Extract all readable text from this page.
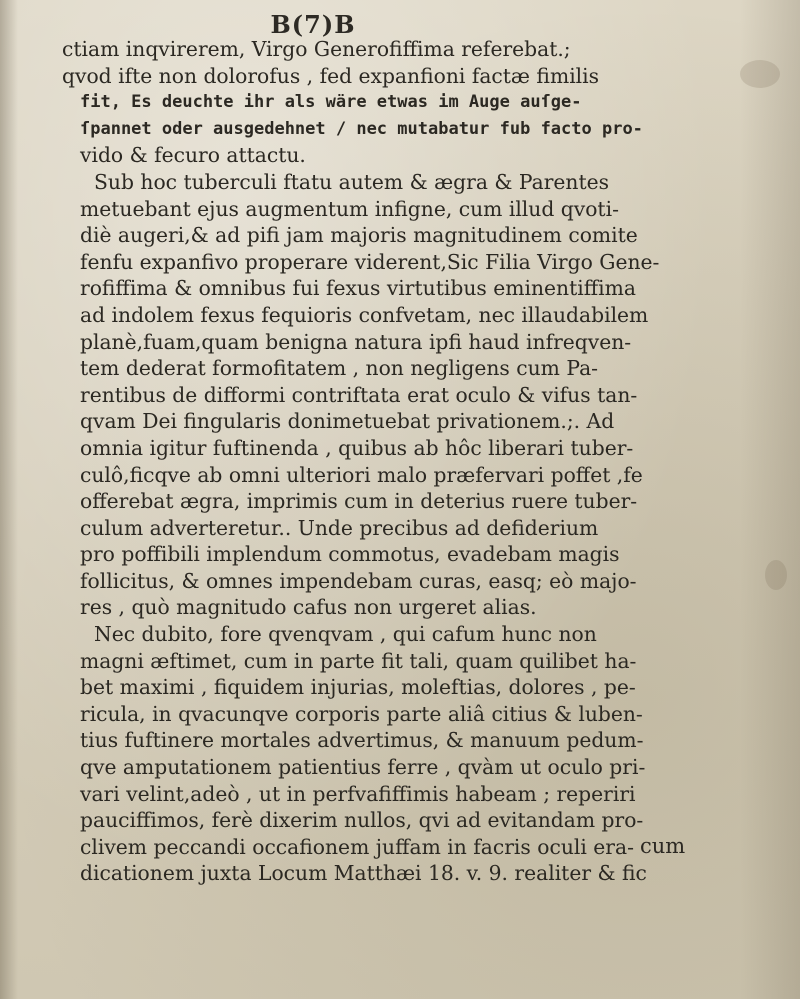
B(7)B
ctiam inqvirerem, Virgo Generofiffima referebat.;
qvod ifte non dolorofus , fed expanfioni factæ fimilis
fit, Es deuchte ihr als wäre etwas im Auge auſge-
ſpannet oder ausgedehnet / nec mutabatur fub facto pro-
vido & fecuro attactu.
Sub hoc tuberculi ftatu autem & ægra & Parentes
metuebant ejus augmentum infigne, cum illud qvoti-
diè augeri,& ad pifi jam majoris magnitudinem comite
fenfu expanfivo properare viderent,Sic Filia Virgo Gene-
rofiffima & omnibus fui fexus virtutibus eminentiffima
ad indolem fexus fequioris confvetam, nec illaudabilem
planè,fuam,quam benigna natura ipfi haud infreqven-
tem dederat formofitatem , non negligens cum Pa-
rentibus de difformi contriftata erat oculo & vifus tan-
qvam Dei fingularis donimetuebat privationem.;. Ad
omnia igitur fuftinenda , quibus ab hôc liberari tuber-
culô,ficqve ab omni ulteriori malo præfervari poffet ,fe
offerebat ægra, imprimis cum in deterius ruere tuber-
culum adverteretur.. Unde precibus ad defiderium
pro poffibili implendum commotus, evadebam magis
follicitus, & omnes impendebam curas, easq; eò majo-
res , quò magnitudo cafus non urgeret alias.
Nec dubito, fore qvenqvam , qui cafum hunc non
magni æftimet, cum in parte fit tali, quam quilibet ha-
bet maximi , fiquidem injurias, moleftias, dolores , pe-
ricula, in qvacunqve corporis parte aliâ citius & luben-
tius fuftinere mortales advertimus, & manuum pedum-
qve amputationem patientius ferre , qvàm ut oculo pri-
vari velint,adeò , ut in perfvafiffimis habeam ; reperiri
pauciffimos, ferè dixerim nullos, qvi ad evitandam pro-
clivem peccandi occafionem juffam in facris oculi era-
dicationem juxta Locum Matthæi 18. v. 9. realiter & fic
cum
